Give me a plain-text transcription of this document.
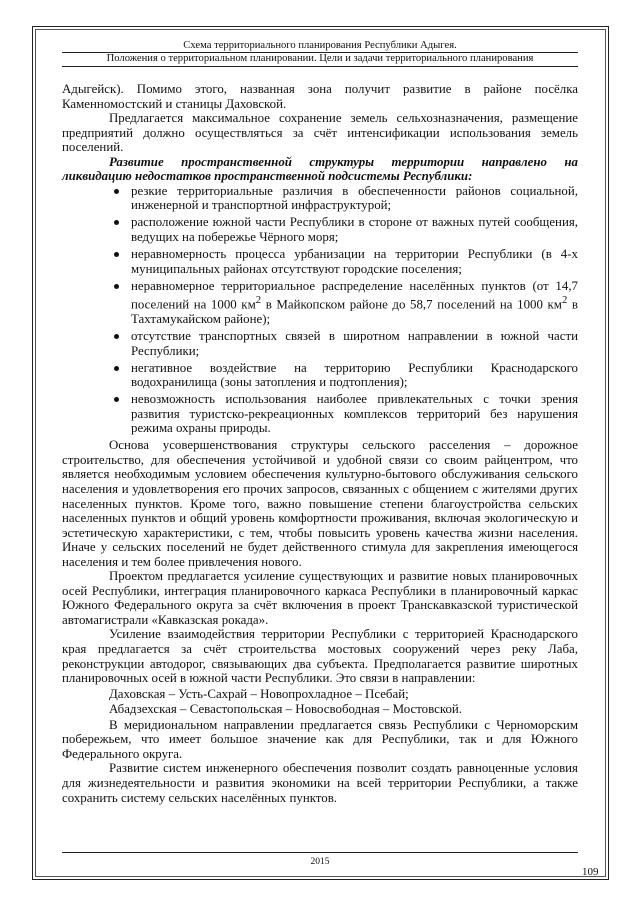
Схема территориального планирования Республики Адыгея.
Положения о территориальном планировании. Цели и задачи территориального планирования

Адыгейск). Помимо этого, названная зона получит развитие в районе посёлка Каменномостский и станицы Даховской.

Предлагается максимальное сохранение земель сельхозназначения, размещение предприятий должно осуществляться за счёт интенсификации использования земель поселений.

Развитие пространственной структуры территории направлено на ликвидацию недостатков пространственной подсистемы Республики:

резкие территориальные различия в обеспеченности районов социальной, инженерной и транспортной инфраструктурой;
расположение южной части Республики в стороне от важных путей сообщения, ведущих на побережье Чёрного моря;
неравномерность процесса урбанизации на территории Республики (в 4-х муниципальных районах отсутствуют городские поселения;
неравномерное территориальное распределение населённых пунктов (от 14,7 поселений на 1000 $км^2$ в Майкопском районе до 58,7 поселений на 1000 $км^2$ в Тахтамукайском районе);
отсутствие транспортных связей в широтном направлении в южной части Республики;
негативное воздействие на территорию Республики Краснодарского водохранилища (зоны затопления и подтопления);
невозможность использования наиболее привлекательных с точки зрения развития туристско-рекреационных комплексов территорий без нарушения режима охраны природы.

Основа усовершенствования структуры сельского расселения – дорожное строительство, для обеспечения устойчивой и удобной связи со своим райцентром, что является необходимым условием обеспечения культурно-бытового обслуживания сельского населения и удовлетворения его прочих запросов, связанных с общением с жителями других населенных пунктов. Кроме того, важно повышение степени благоустройства сельских населенных пунктов и общий уровень комфортности проживания, включая экологическую и эстетическую характеристики, с тем, чтобы повысить уровень качества жизни населения. Иначе у сельских поселений не будет действенного стимула для закрепления имеющегося населения и тем более привлечения нового.

Проектом предлагается усиление существующих и развитие новых планировочных осей Республики, интеграция планировочного каркаса Республики в планировочный каркас Южного Федерального округа за счёт включения в проект Транскавказской туристической автомагистрали «Кавказская рокада».

Усиление взаимодействия территории Республики с территорией Краснодарского края предлагается за счёт строительства мостовых сооружений через реку Лаба, реконструкции автодорог, связывающих два субъекта. Предполагается развитие широтных планировочных осей в южной части Республики. Это связи в направлении:

Даховская – Усть-Сахрай – Новопрохладное – Псебай;

Абадзехская – Севастопольская – Новосвободная – Мостовской.

В меридиональном направлении предлагается связь Республики с Черноморским побережьем, что имеет большое значение как для Республики, так и для Южного Федерального округа.

Развитие систем инженерного обеспечения позволит создать равноценные условия для жизнедеятельности и развития экономики на всей территории Республики, а также сохранить систему сельских населённых пунктов.

2015
109
